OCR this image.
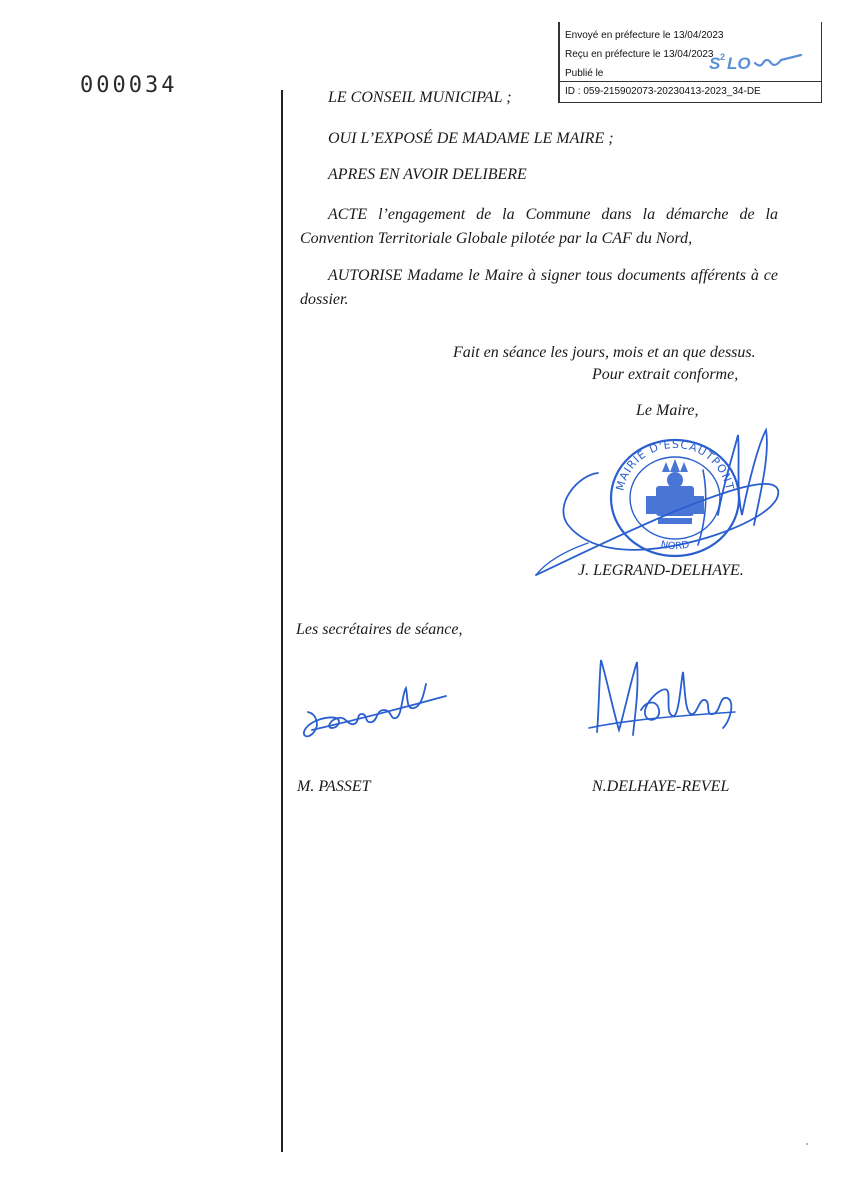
000034
Envoyé en préfecture le 13/04/2023
Reçu en préfecture le 13/04/2023
Publié le
ID : 059-215902073-20230413-2023_34-DE
S 2 LO

LE CONSEIL MUNICIPAL ;

OUI L’EXPOSÉ DE MADAME LE MAIRE ;

APRES EN AVOIR DELIBERE

ACTE l’engagement de la Commune dans la démarche de la Convention Territoriale Globale pilotée par la CAF du Nord,

AUTORISE Madame le Maire à signer tous documents afférents à ce dossier.

Fait en séance les jours, mois et an que dessus.
Pour extrait conforme,
Le Maire,
MAIRIE D'ESCAUTPONT
NORD
J. LEGRAND-DELHAYE.
Les secrétaires de séance,
M. PASSET	N.DELHAYE-REVEL
